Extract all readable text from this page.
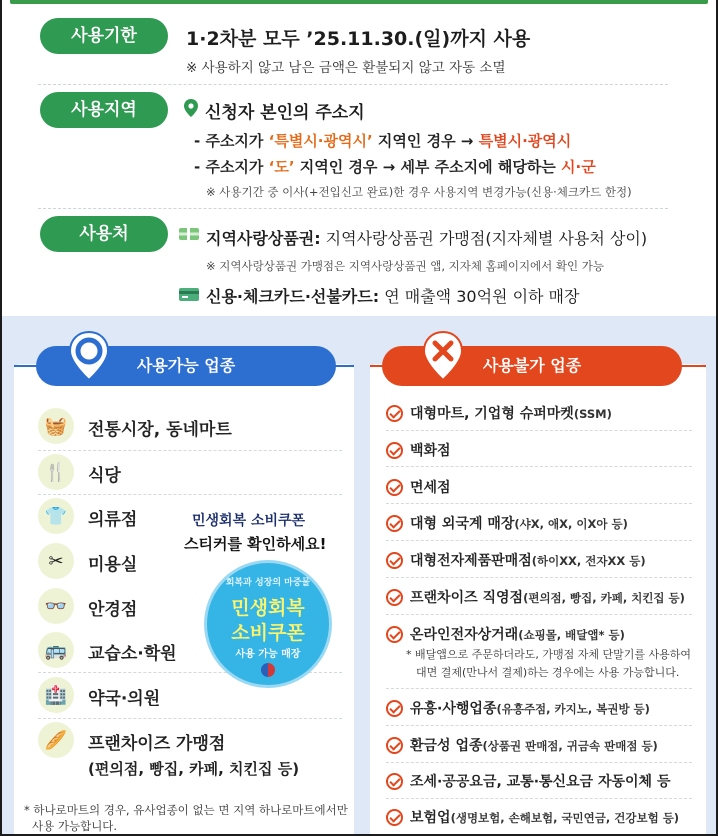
사용기한	1·2차분 모두 ’25.11.30.(일)까지 사용
※ 사용하지 않고 남은 금액은 환불되지 않고 자동 소멸
사용지역	신청자 본인의 주소지
- 주소지가 ‘특별시·광역시’ 지역인 경우 → 특별시·광역시
- 주소지가 ‘도’ 지역인 경우 → 세부 주소지에 해당하는 시·군
※ 사용기간 중 이사(+전입신고 완료)한 경우 사용지역 변경가능(신용·체크카드 한정)
사용처	지역사랑상품권: 지역사랑상품권 가맹점(지자체별 사용처 상이)
※ 지역사랑상품권 가맹점은 지역사랑상품권 앱, 지자체 홈페이지에서 확인 가능
신용·체크카드·선불카드: 연 매출액 30억원 이하 매장
사용가능 업종	사용불가 업종
🧺	전통시장, 동네마트
🍴	식당
👕	의류점
✂	미용실
👓	안경점
🚌	교습소·학원
🏥	약국·의원
🥖	프랜차이즈 가맹점
(편의점, 빵집, 카페, 치킨집 등)
* 하나로마트의 경우, 유사업종이 없는 면 지역 하나로마트에서만
사용 가능합니다.
민생회복 소비쿠폰
스티커를 확인하세요!
회복과 성장의 마중물
민생회복
소비쿠폰
사용 가능 매장
대형마트, 기업형 슈퍼마켓(SSM)
백화점
면세점
대형 외국계 매장(샤X, 애X, 이X아 등)
대형전자제품판매점(하이XX, 전자XX 등)
프랜차이즈 직영점(편의점, 빵집, 카페, 치킨집 등)
온라인전자상거래(쇼핑몰, 배달앱* 등)
* 배달앱으로 주문하더라도, 가맹점 자체 단말기를 사용하여
대면 결제(만나서 결제)하는 경우에는 사용 가능합니다.
유흥·사행업종(유흥주점, 카지노, 복권방 등)
환금성 업종(상품권 판매점, 귀금속 판매점 등)
조세·공공요금, 교통·통신요금 자동이체 등
보험업(생명보험, 손해보험, 국민연금, 건강보험 등)
